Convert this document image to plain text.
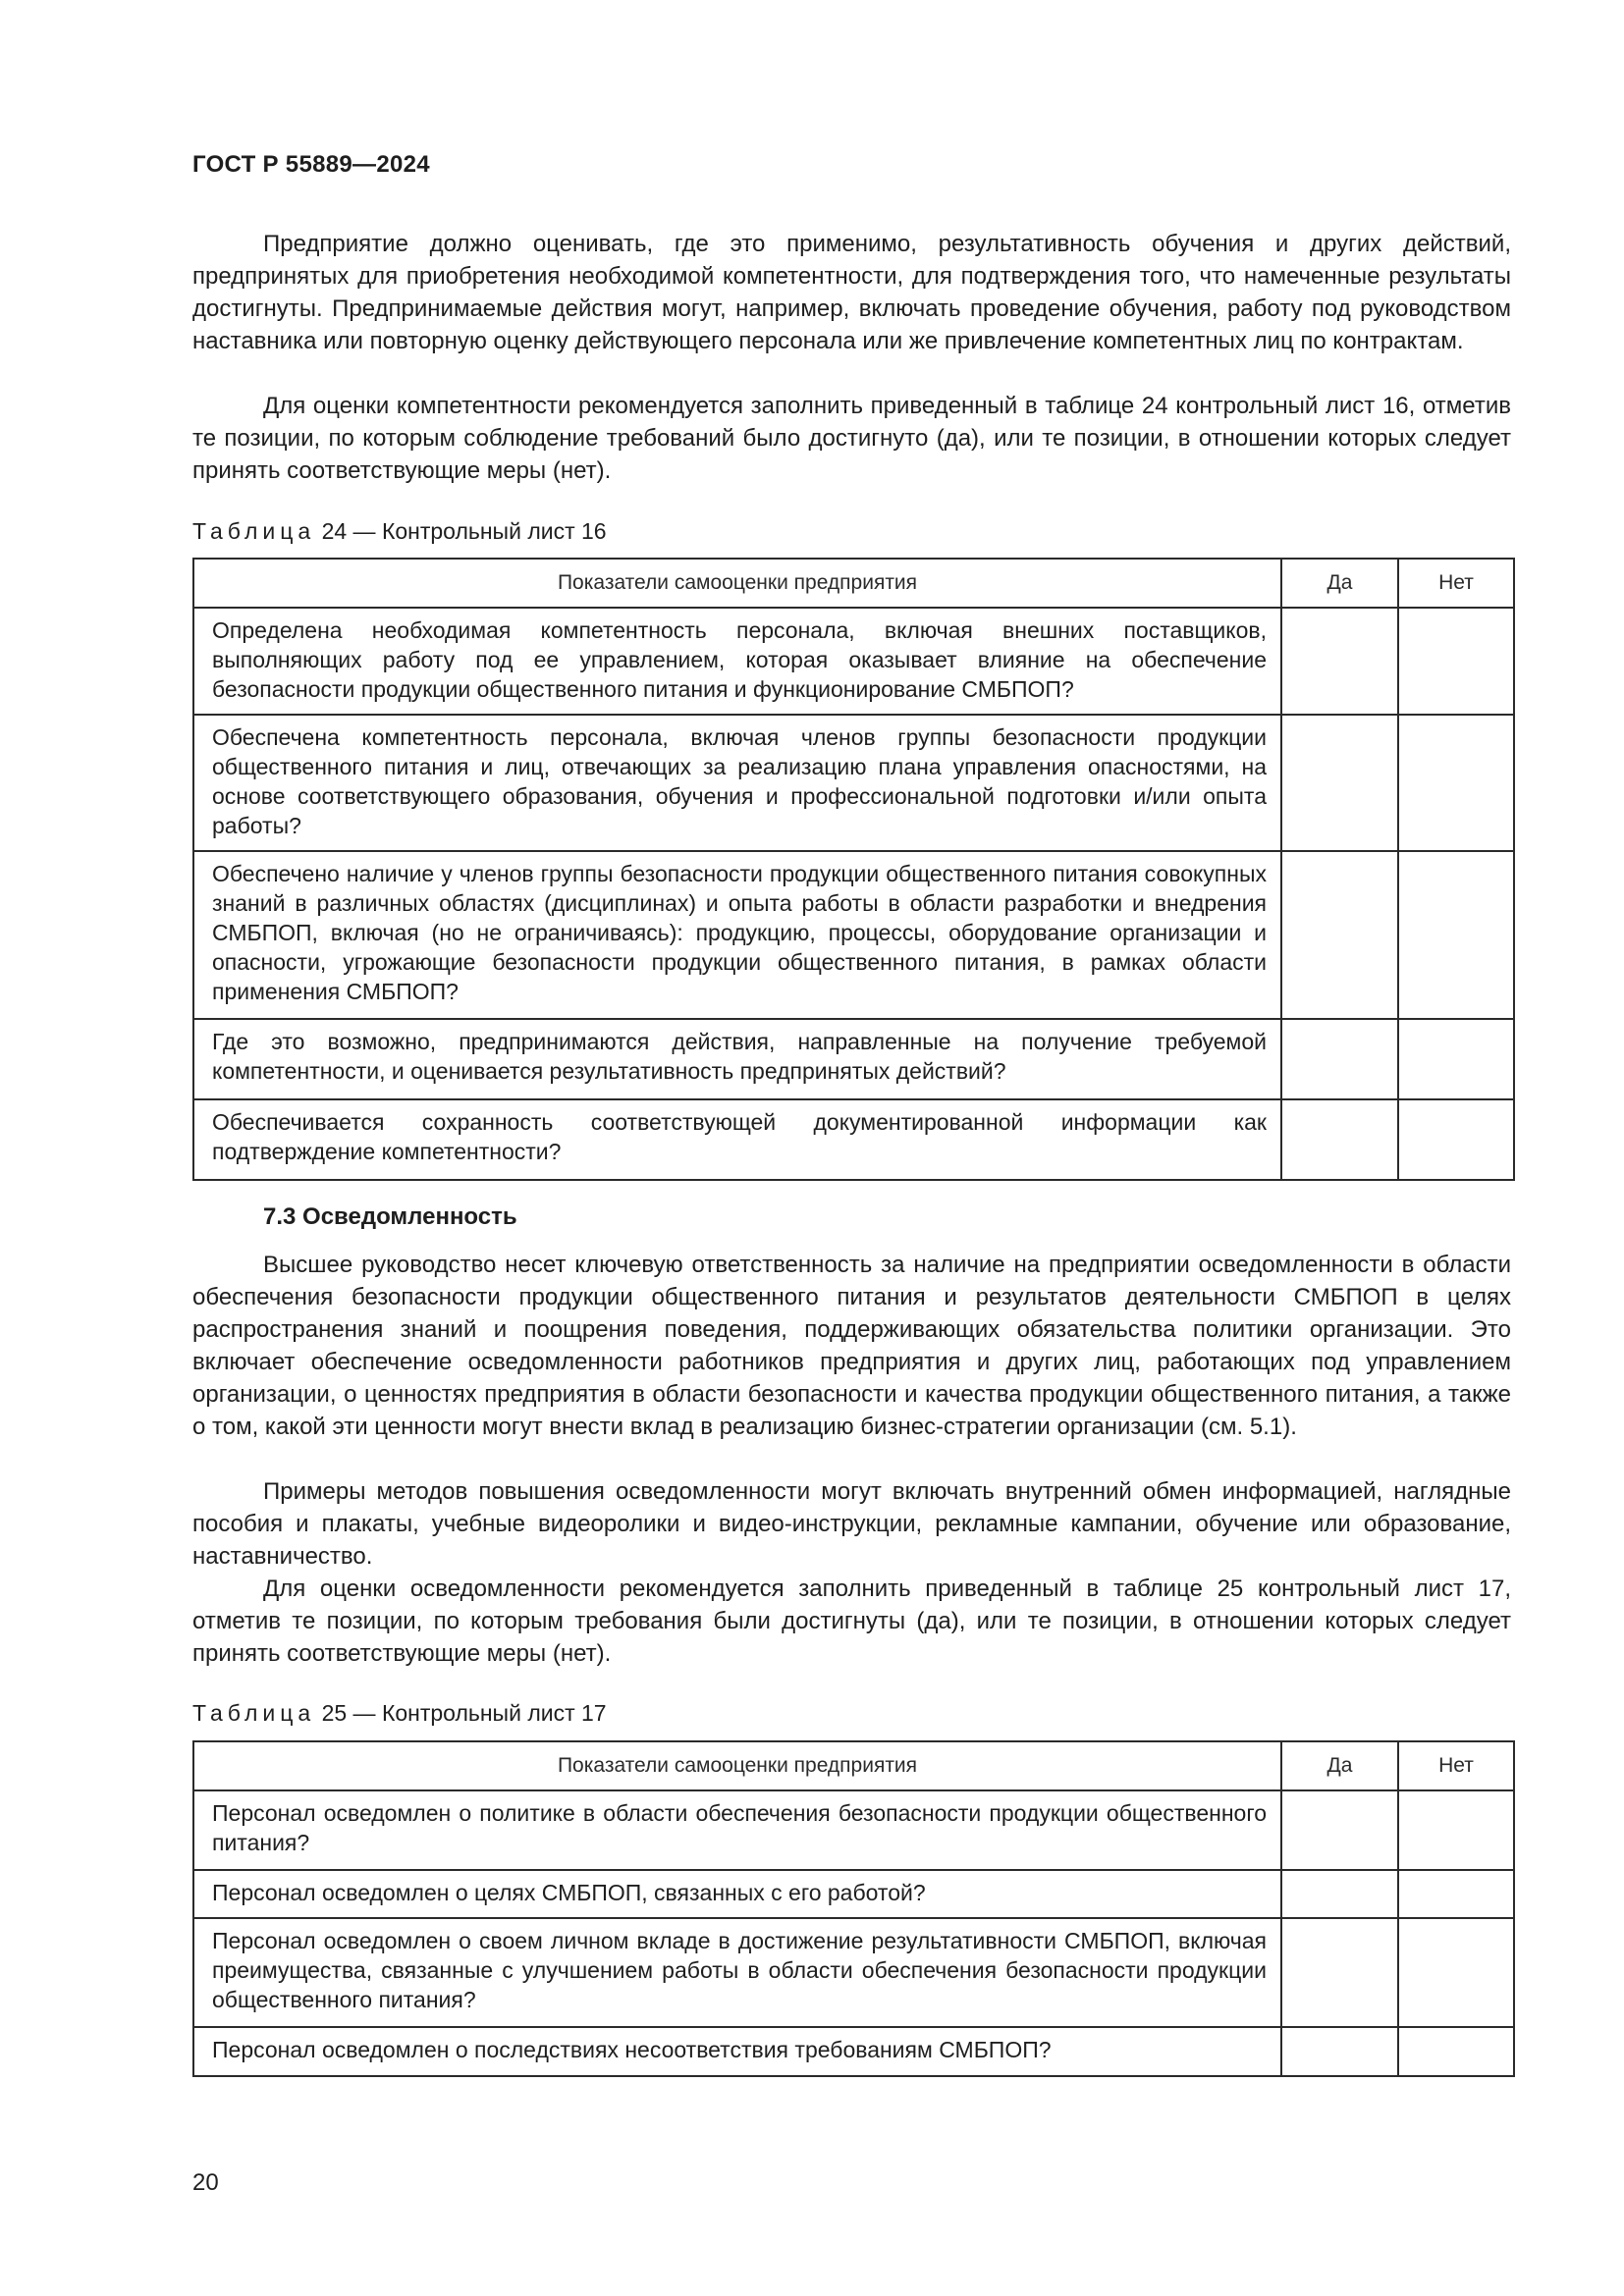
ГОСТ Р 55889—2024

Предприятие должно оценивать, где это применимо, результативность обучения и других действий, предпринятых для приобретения необходимой компетентности, для подтверждения того, что намеченные результаты достигнуты. Предпринимаемые действия могут, например, включать проведение обучения, работу под руководством наставника или повторную оценку действующего персонала или же привлечение компетентных лиц по контрактам.

Для оценки компетентности рекомендуется заполнить приведенный в таблице 24 контрольный лист 16, отметив те позиции, по которым соблюдение требований было достигнуто (да), или те позиции, в отношении которых следует принять соответствующие меры (нет).

Таблица 24 — Контрольный лист 16
Показатели самооценки предприятия	Да	Нет
Определена необходимая компетентность персонала, включая внешних поставщиков, выполняющих работу под ее управлением, которая оказывает влияние на обеспечение безопасности продукции общественного питания и функционирование СМБПОП?		
Обеспечена компетентность персонала, включая членов группы безопасности продукции общественного питания и лиц, отвечающих за реализацию плана управления опасностями, на основе соответствующего образования, обучения и профессиональной подготовки и/или опыта работы?		
Обеспечено наличие у членов группы безопасности продукции общественного питания совокупных знаний в различных областях (дисциплинах) и опыта работы в области разработки и внедрения СМБПОП, включая (но не ограничиваясь): продукцию, процессы, оборудование организации и опасности, угрожающие безопасности продукции общественного питания, в рамках области применения СМБПОП?		
Где это возможно, предпринимаются действия, направленные на получение требуемой компетентности, и оценивается результативность предпринятых действий?		
Обеспечивается сохранность соответствующей документированной информации как подтверждение компетентности?		
7.3 Осведомленность

Высшее руководство несет ключевую ответственность за наличие на предприятии осведомленности в области обеспечения безопасности продукции общественного питания и результатов деятельности СМБПОП в целях распространения знаний и поощрения поведения, поддерживающих обязательства политики организации. Это включает обеспечение осведомленности работников предприятия и других лиц, работающих под управлением организации, о ценностях предприятия в области безопасности и качества продукции общественного питания, а также о том, какой эти ценности могут внести вклад в реализацию бизнес-стратегии организации (см. 5.1).

Примеры методов повышения осведомленности могут включать внутренний обмен информацией, наглядные пособия и плакаты, учебные видеоролики и видео-инструкции, рекламные кампании, обучение или образование, наставничество.

Для оценки осведомленности рекомендуется заполнить приведенный в таблице 25 контрольный лист 17, отметив те позиции, по которым требования были достигнуты (да), или те позиции, в отношении которых следует принять соответствующие меры (нет).

Таблица 25 — Контрольный лист 17
Показатели самооценки предприятия	Да	Нет
Персонал осведомлен о политике в области обеспечения безопасности продукции общественного питания?		
Персонал осведомлен о целях СМБПОП, связанных с его работой?		
Персонал осведомлен о своем личном вкладе в достижение результативности СМБПОП, включая преимущества, связанные с улучшением работы в области обеспечения безопасности продукции общественного питания?		
Персонал осведомлен о последствиях несоответствия требованиям СМБПОП?		
20
